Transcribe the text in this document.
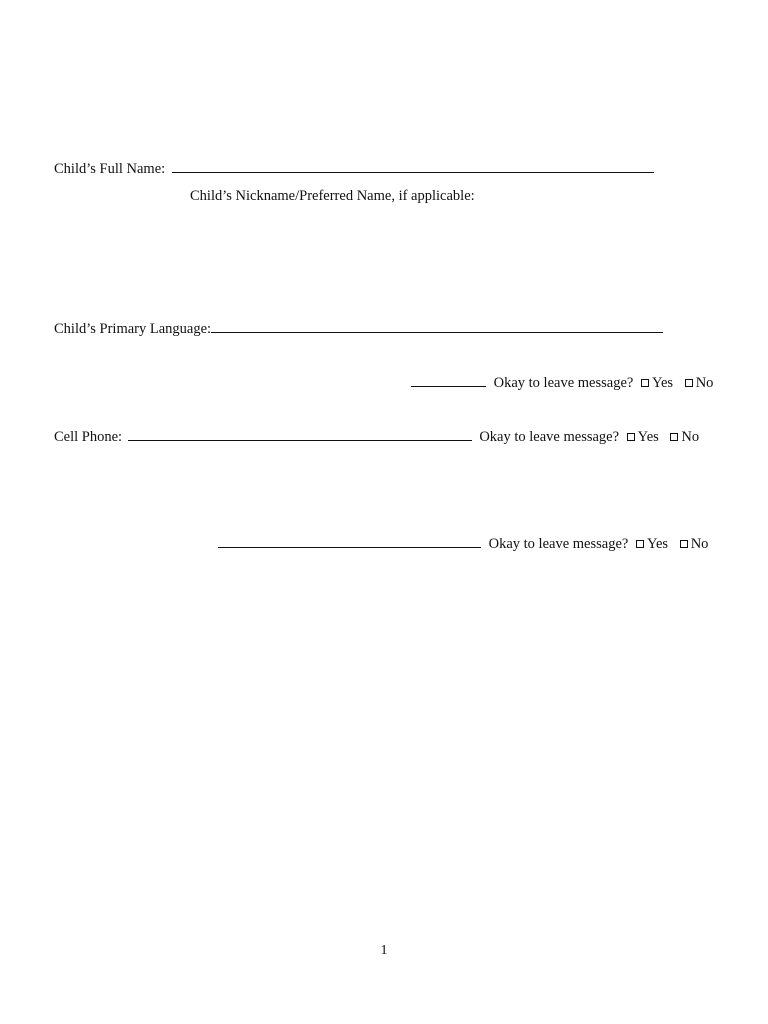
Child’s Full Name:
Child’s Nickname/Preferred Name, if applicable:
Child’s Primary Language:
Okay to leave message? Yes No
Cell Phone:	Okay to leave message? Yes No
Okay to leave message? Yes No
1
